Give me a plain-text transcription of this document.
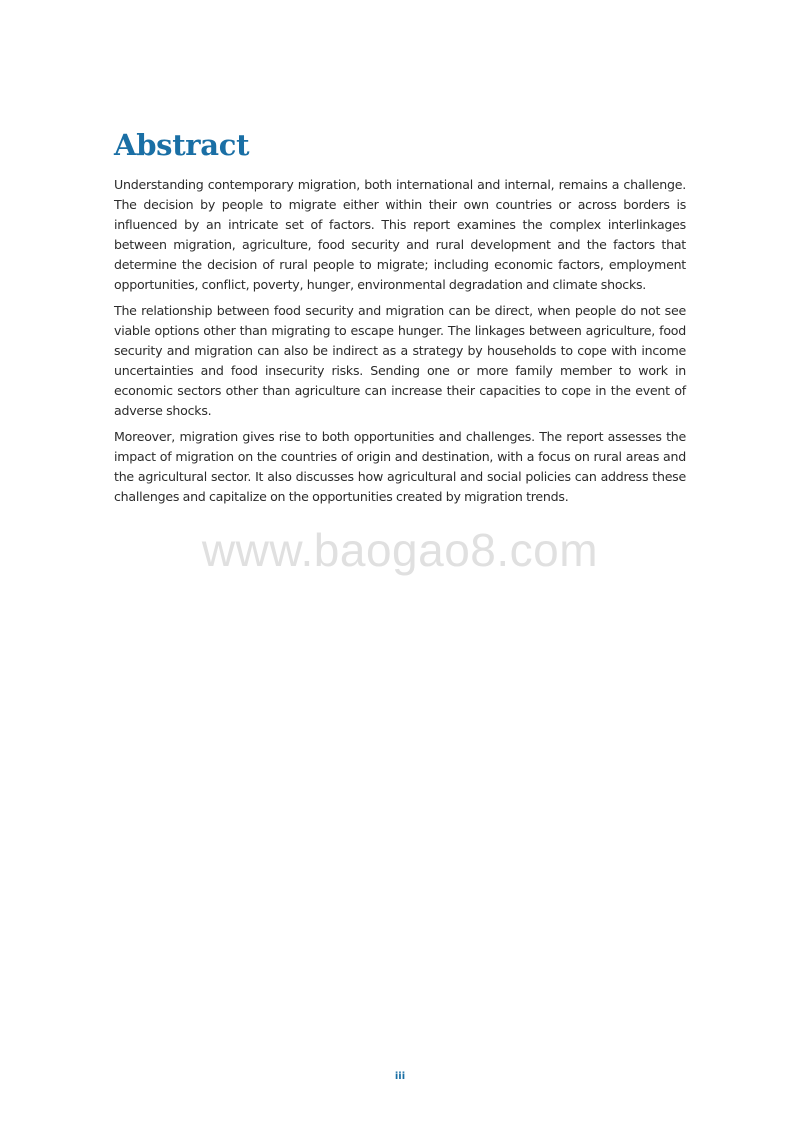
Abstract

Understanding contemporary migration, both international and internal, remains a challenge. The decision by people to migrate either within their own countries or across borders is influenced by an intricate set of factors. This report examines the complex interlinkages between migration, agriculture, food security and rural development and the factors that determine the decision of rural people to migrate; including economic factors, employment opportunities, conflict, poverty, hunger, environmental degradation and climate shocks.

The relationship between food security and migration can be direct, when people do not see viable options other than migrating to escape hunger. The linkages between agriculture, food security and migration can also be indirect as a strategy by households to cope with income uncertainties and food insecurity risks. Sending one or more family member to work in economic sectors other than agriculture can increase their capacities to cope in the event of adverse shocks.

Moreover, migration gives rise to both opportunities and challenges. The report assesses the impact of migration on the countries of origin and destination, with a focus on rural areas and the agricultural sector. It also discusses how agricultural and social policies can address these challenges and capitalize on the opportunities created by migration trends.

www.baogao8.com
iii
